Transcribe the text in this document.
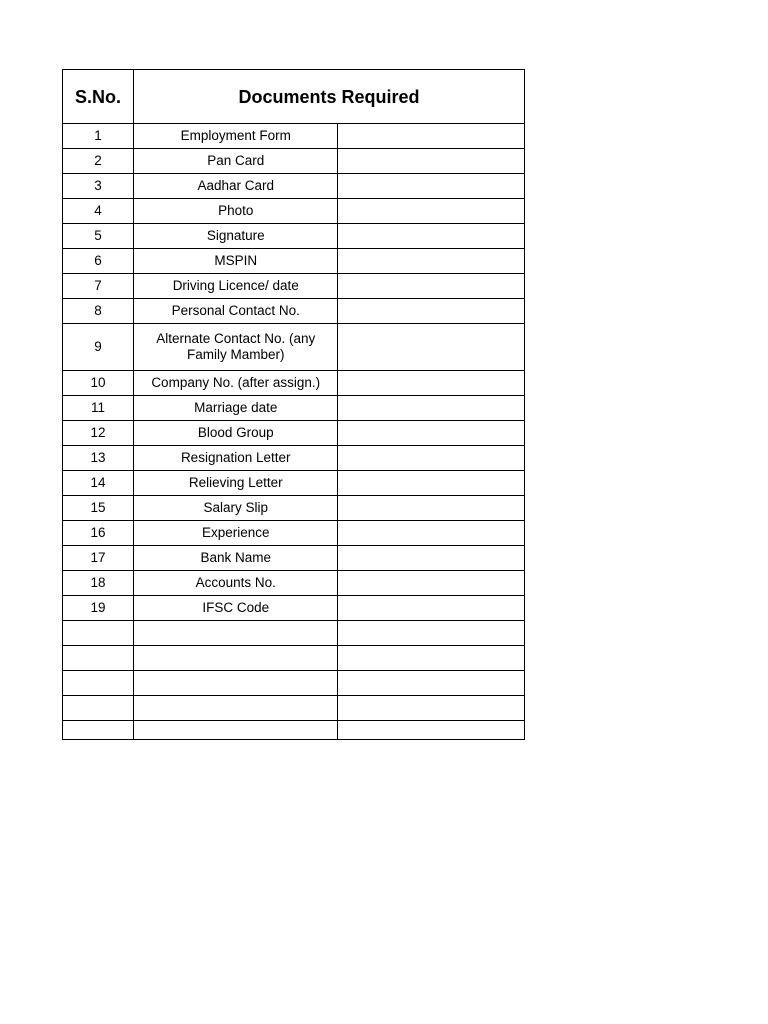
S.No.	Documents Required	
1	Employment Form	
2	Pan Card	
3	Aadhar Card	
4	Photo	
5	Signature	
6	MSPIN	
7	Driving Licence/ date	
8	Personal Contact No.	
9	Alternate Contact No. (any Family Mamber)	
10	Company No. (after assign.)	
11	Marriage date	
12	Blood Group	
13	Resignation Letter	
14	Relieving Letter	
15	Salary Slip	
16	Experience	
17	Bank Name	
18	Accounts No.	
19	IFSC Code	
